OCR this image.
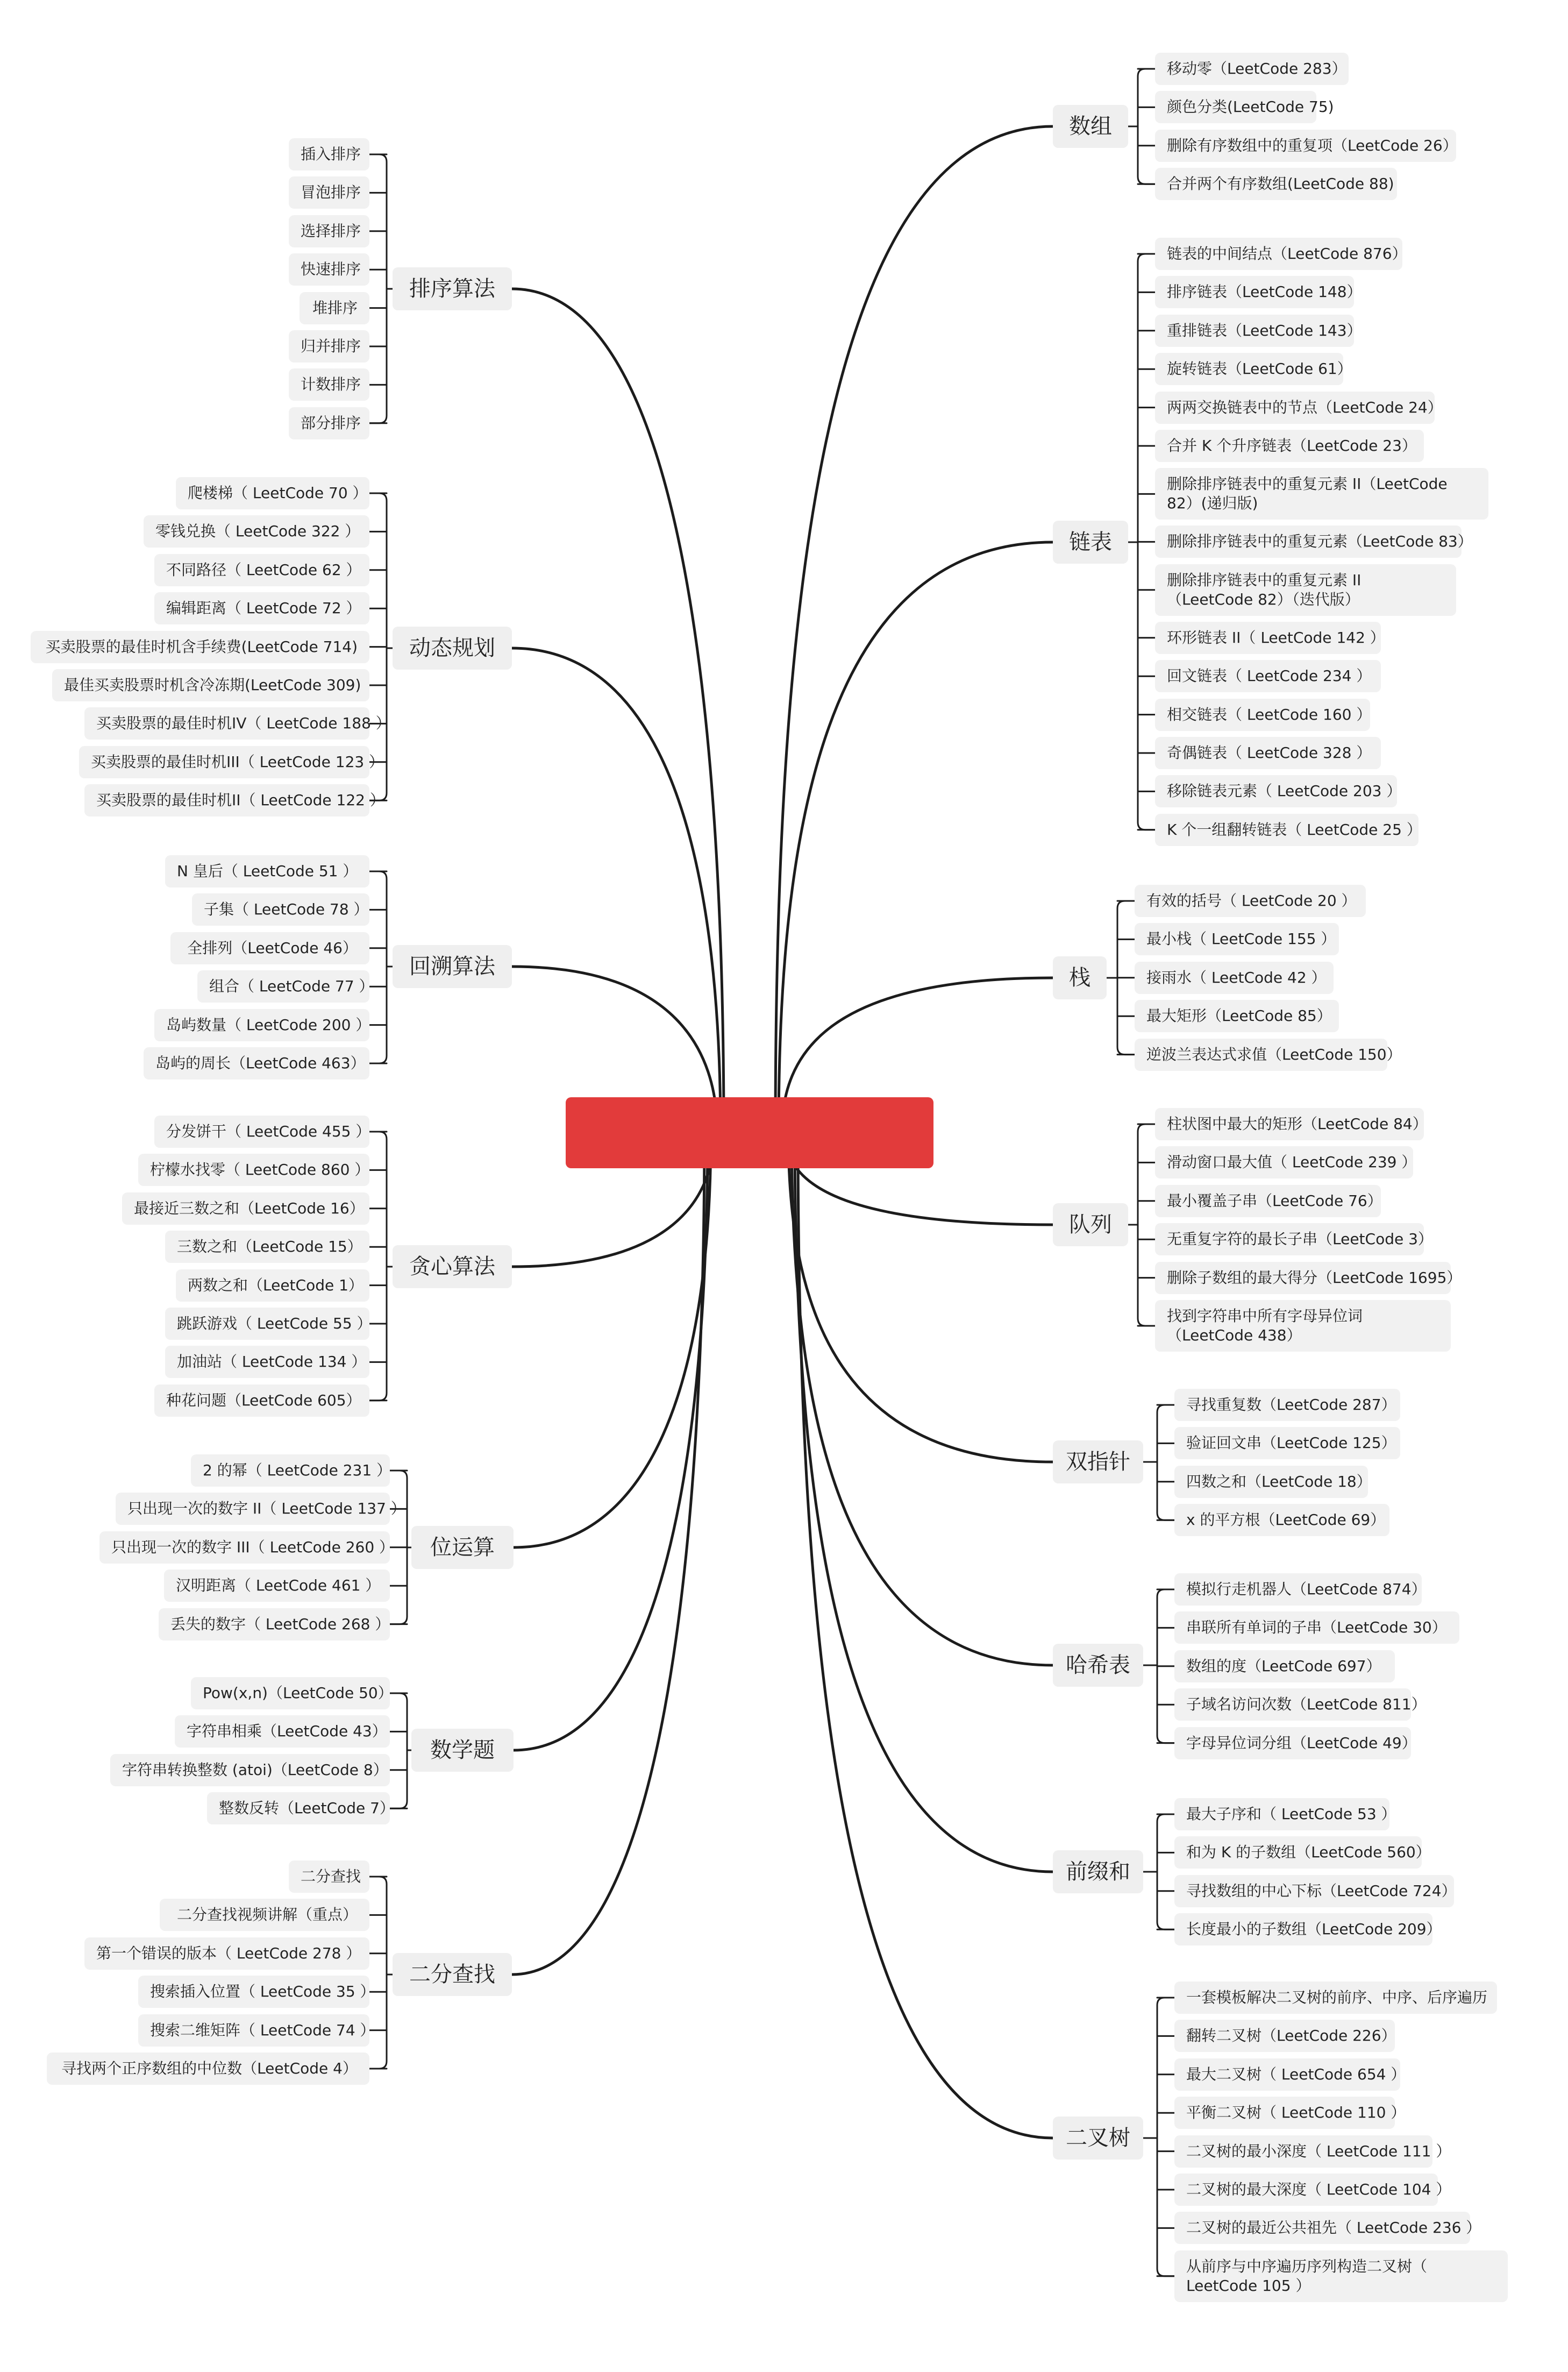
数组
移动零（LeetCode 283）
颜色分类(LeetCode 75)
删除有序数组中的重复项（LeetCode 26）
合并两个有序数组(LeetCode 88)
链表
链表的中间结点（LeetCode 876）
排序链表（LeetCode 148）
重排链表（LeetCode 143）
旋转链表（LeetCode 61）
两两交换链表中的节点（LeetCode 24）
合并 K 个升序链表（LeetCode 23）
删除排序链表中的重复元素 II（LeetCode 82）(递归版)
删除排序链表中的重复元素（LeetCode 83）
删除排序链表中的重复元素 II（LeetCode 82）（迭代版）
环形链表 II（ LeetCode 142 ）
回文链表（ LeetCode 234 ）
相交链表（ LeetCode 160 ）
奇偶链表（ LeetCode 328 ）
移除链表元素（ LeetCode 203 ）
K 个一组翻转链表（ LeetCode 25 ）
栈
有效的括号（ LeetCode 20 ）
最小栈（ LeetCode 155 ）
接雨水（ LeetCode 42 ）
最大矩形（LeetCode 85）
逆波兰表达式求值（LeetCode 150）
队列
柱状图中最大的矩形（LeetCode 84）
滑动窗口最大值（ LeetCode 239 ）
最小覆盖子串（LeetCode 76）
无重复字符的最长子串（LeetCode 3）
删除子数组的最大得分（LeetCode 1695）
找到字符串中所有字母异位词（LeetCode 438）
双指针
寻找重复数（LeetCode 287）
验证回文串（LeetCode 125）
四数之和（LeetCode 18）
x 的平方根（LeetCode 69）
哈希表
模拟行走机器人（LeetCode 874）
串联所有单词的子串（LeetCode 30）
数组的度（LeetCode 697）
子域名访问次数（LeetCode 811）
字母异位词分组（LeetCode 49）
前缀和
最大子序和（ LeetCode 53 ）
和为 K 的子数组（LeetCode 560）
寻找数组的中心下标（LeetCode 724）
长度最小的子数组（LeetCode 209）
二叉树
一套模板解决二叉树的前序、中序、后序遍历
翻转二叉树（LeetCode 226）
最大二叉树（ LeetCode 654 ）
平衡二叉树（ LeetCode 110 ）
二叉树的最小深度（ LeetCode 111 ）
二叉树的最大深度（ LeetCode 104 ）
二叉树的最近公共祖先（ LeetCode 236 ）
从前序与中序遍历序列构造二叉树（ LeetCode 105 ）
排序算法
插入排序
冒泡排序
选择排序
快速排序
堆排序
归并排序
计数排序
部分排序
动态规划
爬楼梯（ LeetCode 70 ）
零钱兑换（ LeetCode 322 ）
不同路径（ LeetCode 62 ）
编辑距离（ LeetCode 72 ）
买卖股票的最佳时机含手续费(LeetCode 714)
最佳买卖股票时机含冷冻期(LeetCode 309)
买卖股票的最佳时机IV（ LeetCode 188 ）
买卖股票的最佳时机III（ LeetCode 123 ）
买卖股票的最佳时机II（ LeetCode 122 ）
回溯算法
N 皇后（ LeetCode 51 ）
子集（ LeetCode 78 ）
全排列（LeetCode 46）
组合（ LeetCode 77 ）
岛屿数量（ LeetCode 200 ）
岛屿的周长（LeetCode 463）
贪心算法
分发饼干（ LeetCode 455 ）
柠檬水找零（ LeetCode 860 ）
最接近三数之和（LeetCode 16）
三数之和（LeetCode 15）
两数之和（LeetCode 1）
跳跃游戏（ LeetCode 55 ）
加油站（ LeetCode 134 ）
种花问题（LeetCode 605）
位运算
2 的幂（ LeetCode 231 ）
只出现一次的数字 II（ LeetCode 137 ）
只出现一次的数字 III（ LeetCode 260 ）
汉明距离（ LeetCode 461 ）
丢失的数字（ LeetCode 268 ）
数学题
Pow(x,n)（LeetCode 50）
字符串相乘（LeetCode 43）
字符串转换整数 (atoi)（LeetCode 8）
整数反转（LeetCode 7）
二分查找
二分查找
二分查找视频讲解（重点）
第一个错误的版本（ LeetCode 278 ）
搜索插入位置（ LeetCode 35 ）
搜索二维矩阵（ LeetCode 74 ）
寻找两个正序数组的中位数（LeetCode 4）
